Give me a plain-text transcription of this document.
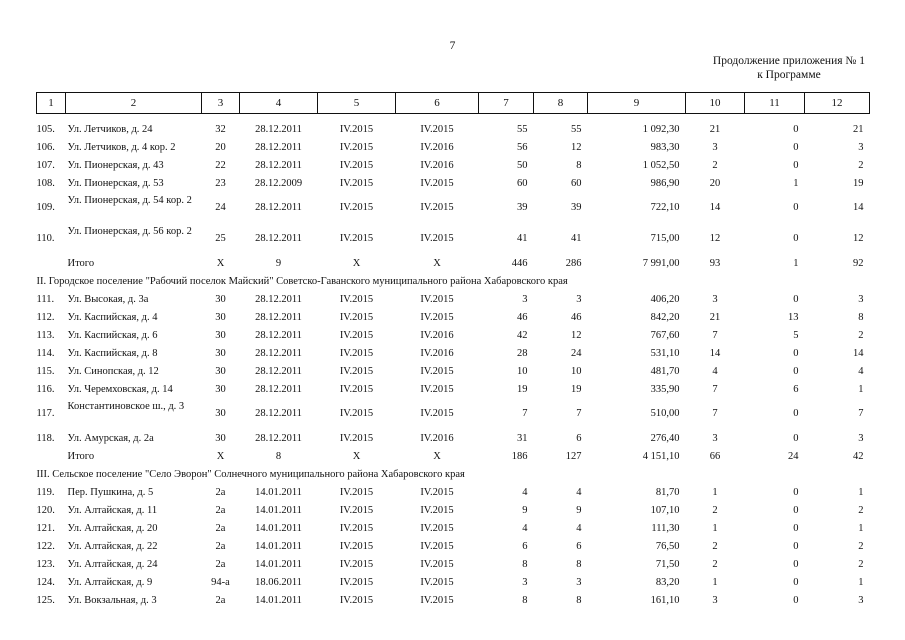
7
Продолжение приложения № 1
к Программе
1	2	3	4	5	6	7	8	9	10	11	12

105.	Ул. Летчиков, д. 24	32	28.12.2011	IV.2015	IV.2015	55	55	1 092,30	21	0	21
106.	Ул. Летчиков, д. 4 кор. 2	20	28.12.2011	IV.2015	IV.2016	56	12	983,30	3	0	3
107.	Ул. Пионерская, д. 43	22	28.12.2011	IV.2015	IV.2016	50	8	1 052,50	2	0	2
108.	Ул. Пионерская, д. 53	23	28.12.2009	IV.2015	IV.2015	60	60	986,90	20	1	19
109.	Ул. Пионерская, д. 54 кор. 2	24	28.12.2011	IV.2015	IV.2015	39	39	722,10	14	0	14
110.	Ул. Пионерская, д. 56 кор. 2	25	28.12.2011	IV.2015	IV.2015	41	41	715,00	12	0	12
	Итого	X	9	X	X	446	286	7 991,00	93	1	92
II. Городское поселение "Рабочий поселок Майский" Советско-Гаванского муниципального района Хабаровского края											
111.	Ул. Высокая, д. 3а	30	28.12.2011	IV.2015	IV.2015	3	3	406,20	3	0	3
112.	Ул. Каспийская, д. 4	30	28.12.2011	IV.2015	IV.2015	46	46	842,20	21	13	8
113.	Ул. Каспийская, д. 6	30	28.12.2011	IV.2015	IV.2016	42	12	767,60	7	5	2
114.	Ул. Каспийская, д. 8	30	28.12.2011	IV.2015	IV.2016	28	24	531,10	14	0	14
115.	Ул. Синопская, д. 12	30	28.12.2011	IV.2015	IV.2015	10	10	481,70	4	0	4
116.	Ул. Черемховская, д. 14	30	28.12.2011	IV.2015	IV.2015	19	19	335,90	7	6	1
117.	Константиновское ш., д. 3	30	28.12.2011	IV.2015	IV.2015	7	7	510,00	7	0	7
118.	Ул. Амурская, д. 2а	30	28.12.2011	IV.2015	IV.2016	31	6	276,40	3	0	3
	Итого	X	8	X	X	186	127	4 151,10	66	24	42
III. Сельское поселение "Село Эворон" Солнечного муниципального района Хабаровского края											
119.	Пер. Пушкина, д. 5	2а	14.01.2011	IV.2015	IV.2015	4	4	81,70	1	0	1
120.	Ул. Алтайская, д. 11	2а	14.01.2011	IV.2015	IV.2015	9	9	107,10	2	0	2
121.	Ул. Алтайская, д. 20	2а	14.01.2011	IV.2015	IV.2015	4	4	111,30	1	0	1
122.	Ул. Алтайская, д. 22	2а	14.01.2011	IV.2015	IV.2015	6	6	76,50	2	0	2
123.	Ул. Алтайская, д. 24	2а	14.01.2011	IV.2015	IV.2015	8	8	71,50	2	0	2
124.	Ул. Алтайская, д. 9	94-а	18.06.2011	IV.2015	IV.2015	3	3	83,20	1	0	1
125.	Ул. Вокзальная, д. 3	2а	14.01.2011	IV.2015	IV.2015	8	8	161,10	3	0	3
